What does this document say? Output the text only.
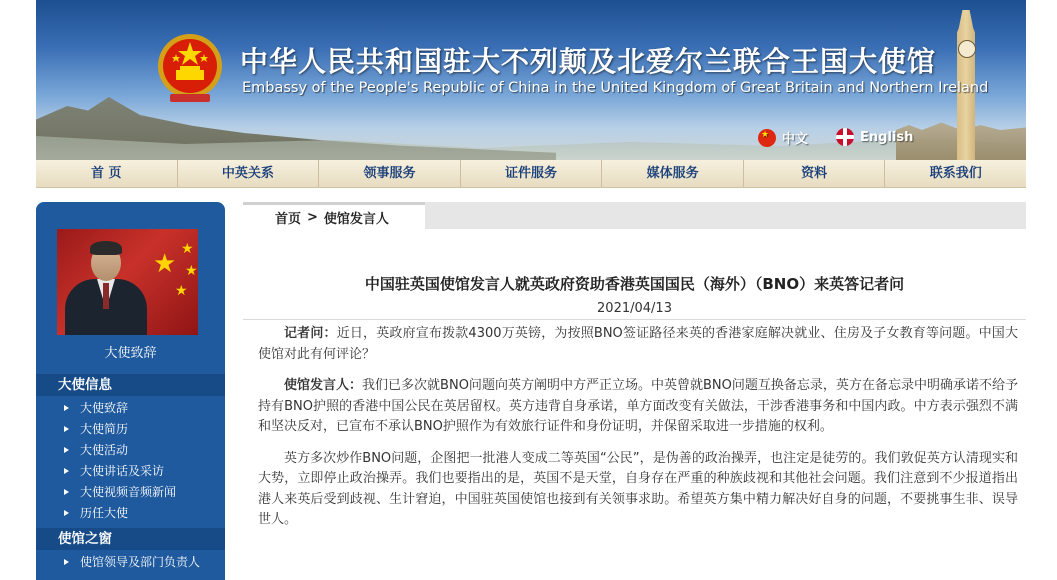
中华人民共和国驻大不列颠及北爱尔兰联合王国大使馆
Embassy of the People's Republic of China in the United Kingdom of Great Britain and Northern Ireland
★
中文	English
首 页	中英关系	领事服务	证件服务	媒体服务	资料	联系我们
★ ★
★
★
大使致辞
大使信息
大使致辞
大使简历
大使活动
大使讲话及采访
大使视频音频新闻
历任大使
使馆之窗
使馆领导及部门负责人
首页 > 使馆发言人
中国驻英国使馆发言人就英政府资助香港英国国民（海外）（BNO）来英答记者问
2021/04/13

记者问：近日，英政府宣布拨款4300万英镑，为按照BNO签证路径来英的香港家庭解决就业、住房及子女教育等问题。中国大使馆对此有何评论？

使馆发言人：我们已多次就BNO问题向英方阐明中方严正立场。中英曾就BNO问题互换备忘录，英方在备忘录中明确承诺不给予持有BNO护照的香港中国公民在英居留权。英方违背自身承诺，单方面改变有关做法，干涉香港事务和中国内政。中方表示强烈不满和坚决反对，已宣布不承认BNO护照作为有效旅行证件和身份证明，并保留采取进一步措施的权利。

英方多次炒作BNO问题，企图把一批港人变成二等英国“公民”，是伪善的政治操弄，也注定是徒劳的。我们敦促英方认清现实和大势，立即停止政治操弄。我们也要指出的是，英国不是天堂，自身存在严重的种族歧视和其他社会问题。我们注意到不少报道指出港人来英后受到歧视、生计窘迫，中国驻英国使馆也接到有关领事求助。希望英方集中精力解决好自身的问题，不要挑事生非、误导世人。
